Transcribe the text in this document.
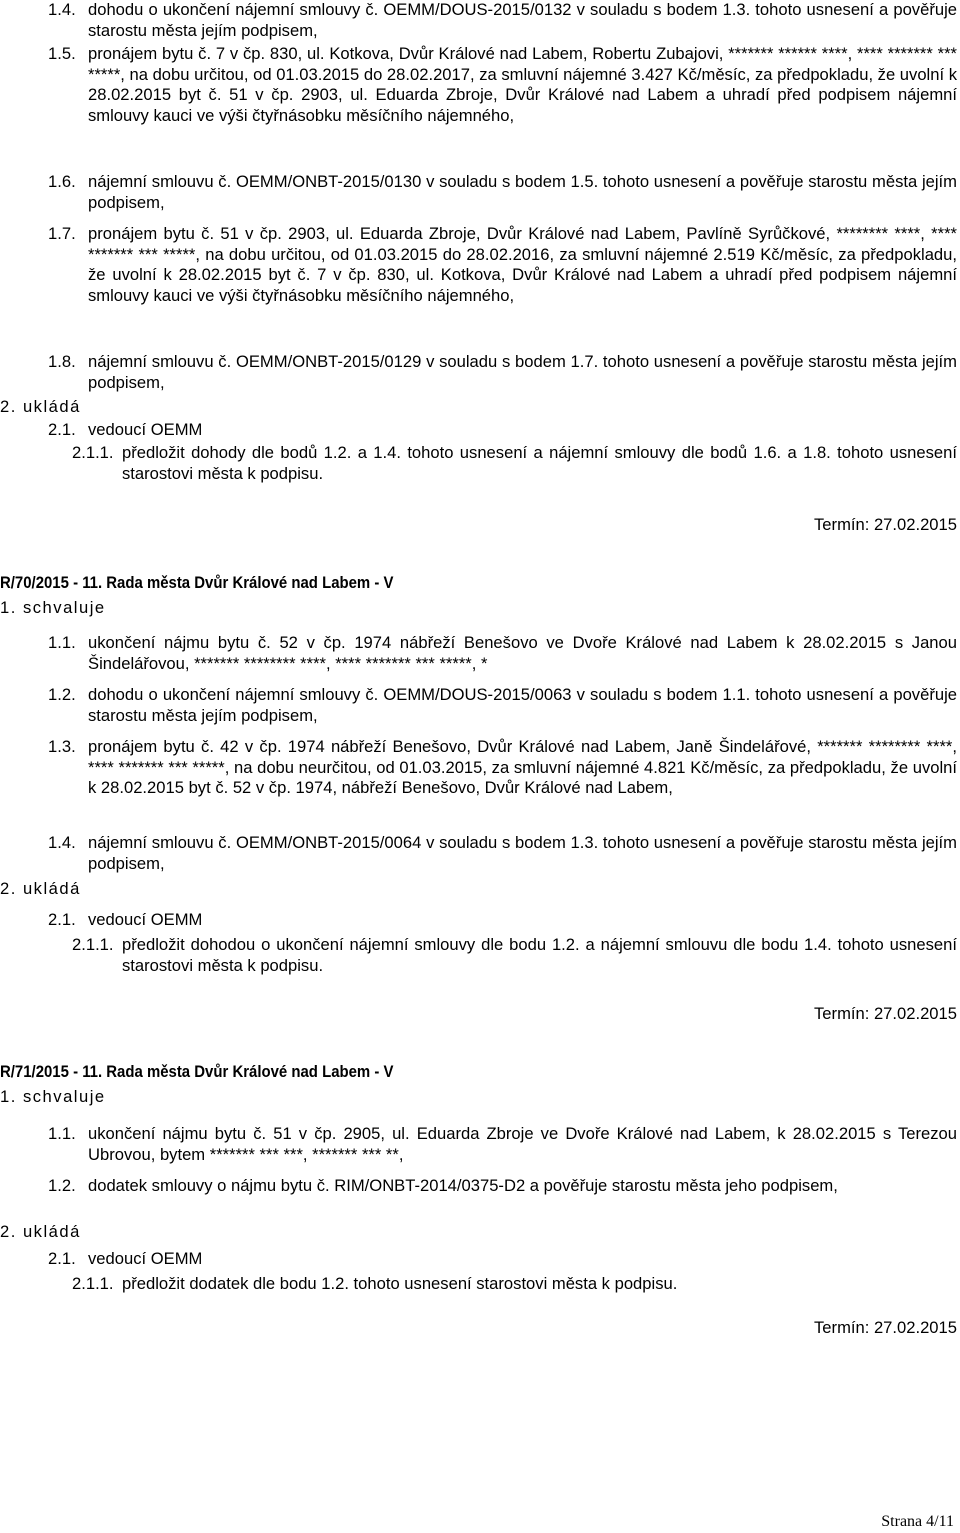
1.4. dohodu o ukončení nájemní smlouvy č. OEMM/DOUS-2015/0132 v souladu s bodem 1.3. tohoto usnesení a pověřuje starostu města jejím podpisem,
1.5. pronájem bytu č. 7 v čp. 830, ul. Kotkova, Dvůr Králové nad Labem, Robertu Zubajovi, ******* ****** ****, **** ******* *** *****, na dobu určitou, od 01.03.2015 do 28.02.2017, za smluvní nájemné 3.427 Kč/měsíc, za předpokladu, že uvolní k 28.02.2015 byt č. 51 v čp. 2903, ul. Eduarda Zbroje, Dvůr Králové nad Labem a uhradí před podpisem nájemní smlouvy kauci ve výši čtyřnásobku měsíčního nájemného,
1.6. nájemní smlouvu č. OEMM/ONBT-2015/0130 v souladu s bodem 1.5. tohoto usnesení a pověřuje starostu města jejím podpisem,
1.7. pronájem bytu č. 51 v čp. 2903, ul. Eduarda Zbroje, Dvůr Králové nad Labem, Pavlíně Syrůčkové, ******** ****, **** ******* *** *****, na dobu určitou, od 01.03.2015 do 28.02.2016, za smluvní nájemné 2.519 Kč/měsíc, za předpokladu, že uvolní k 28.02.2015 byt č. 7 v čp. 830, ul. Kotkova, Dvůr Králové nad Labem a uhradí před podpisem nájemní smlouvy kauci ve výši čtyřnásobku měsíčního nájemného,
1.8. nájemní smlouvu č. OEMM/ONBT-2015/0129 v souladu s bodem 1.7. tohoto usnesení a pověřuje starostu města jejím podpisem,
2. ukládá
2.1. vedoucí OEMM
2.1.1. předložit dohody dle bodů 1.2. a 1.4. tohoto usnesení a nájemní smlouvy dle bodů 1.6. a 1.8. tohoto usnesení starostovi města k podpisu.
Termín: 27.02.2015
R/70/2015 - 11. Rada města Dvůr Králové nad Labem - V
1. schvaluje
1.1. ukončení nájmu bytu č. 52 v čp. 1974 nábřeží Benešovo ve Dvoře Králové nad Labem k 28.02.2015 s Janou Šindelářovou, ******* ******** ****, **** ******* *** *****, *
1.2. dohodu o ukončení nájemní smlouvy č. OEMM/DOUS-2015/0063 v souladu s bodem 1.1. tohoto usnesení a pověřuje starostu města jejím podpisem,
1.3. pronájem bytu č. 42 v čp. 1974 nábřeží Benešovo, Dvůr Králové nad Labem, Janě Šindelářové, ******* ******** ****, **** ******* *** *****, na dobu neurčitou, od 01.03.2015, za smluvní nájemné 4.821 Kč/měsíc, za předpokladu, že uvolní k 28.02.2015 byt č. 52 v čp. 1974, nábřeží Benešovo, Dvůr Králové nad Labem,
1.4. nájemní smlouvu č. OEMM/ONBT-2015/0064 v souladu s bodem 1.3. tohoto usnesení a pověřuje starostu města jejím podpisem,
2. ukládá
2.1. vedoucí OEMM
2.1.1. předložit dohodou o ukončení nájemní smlouvy dle bodu 1.2. a nájemní smlouvu dle bodu 1.4. tohoto usnesení starostovi města k podpisu.
Termín: 27.02.2015
R/71/2015 - 11. Rada města Dvůr Králové nad Labem - V
1. schvaluje
1.1. ukončení nájmu bytu č. 51 v čp. 2905, ul. Eduarda Zbroje ve Dvoře Králové nad Labem, k 28.02.2015 s Terezou Ubrovou, bytem ******* *** ***, ******* *** **,
1.2. dodatek smlouvy o nájmu bytu č. RIM/ONBT-2014/0375-D2 a pověřuje starostu města jeho podpisem,
2. ukládá
2.1. vedoucí OEMM
2.1.1. předložit dodatek dle bodu 1.2. tohoto usnesení starostovi města k podpisu.
Termín: 27.02.2015
Strana 4/11
